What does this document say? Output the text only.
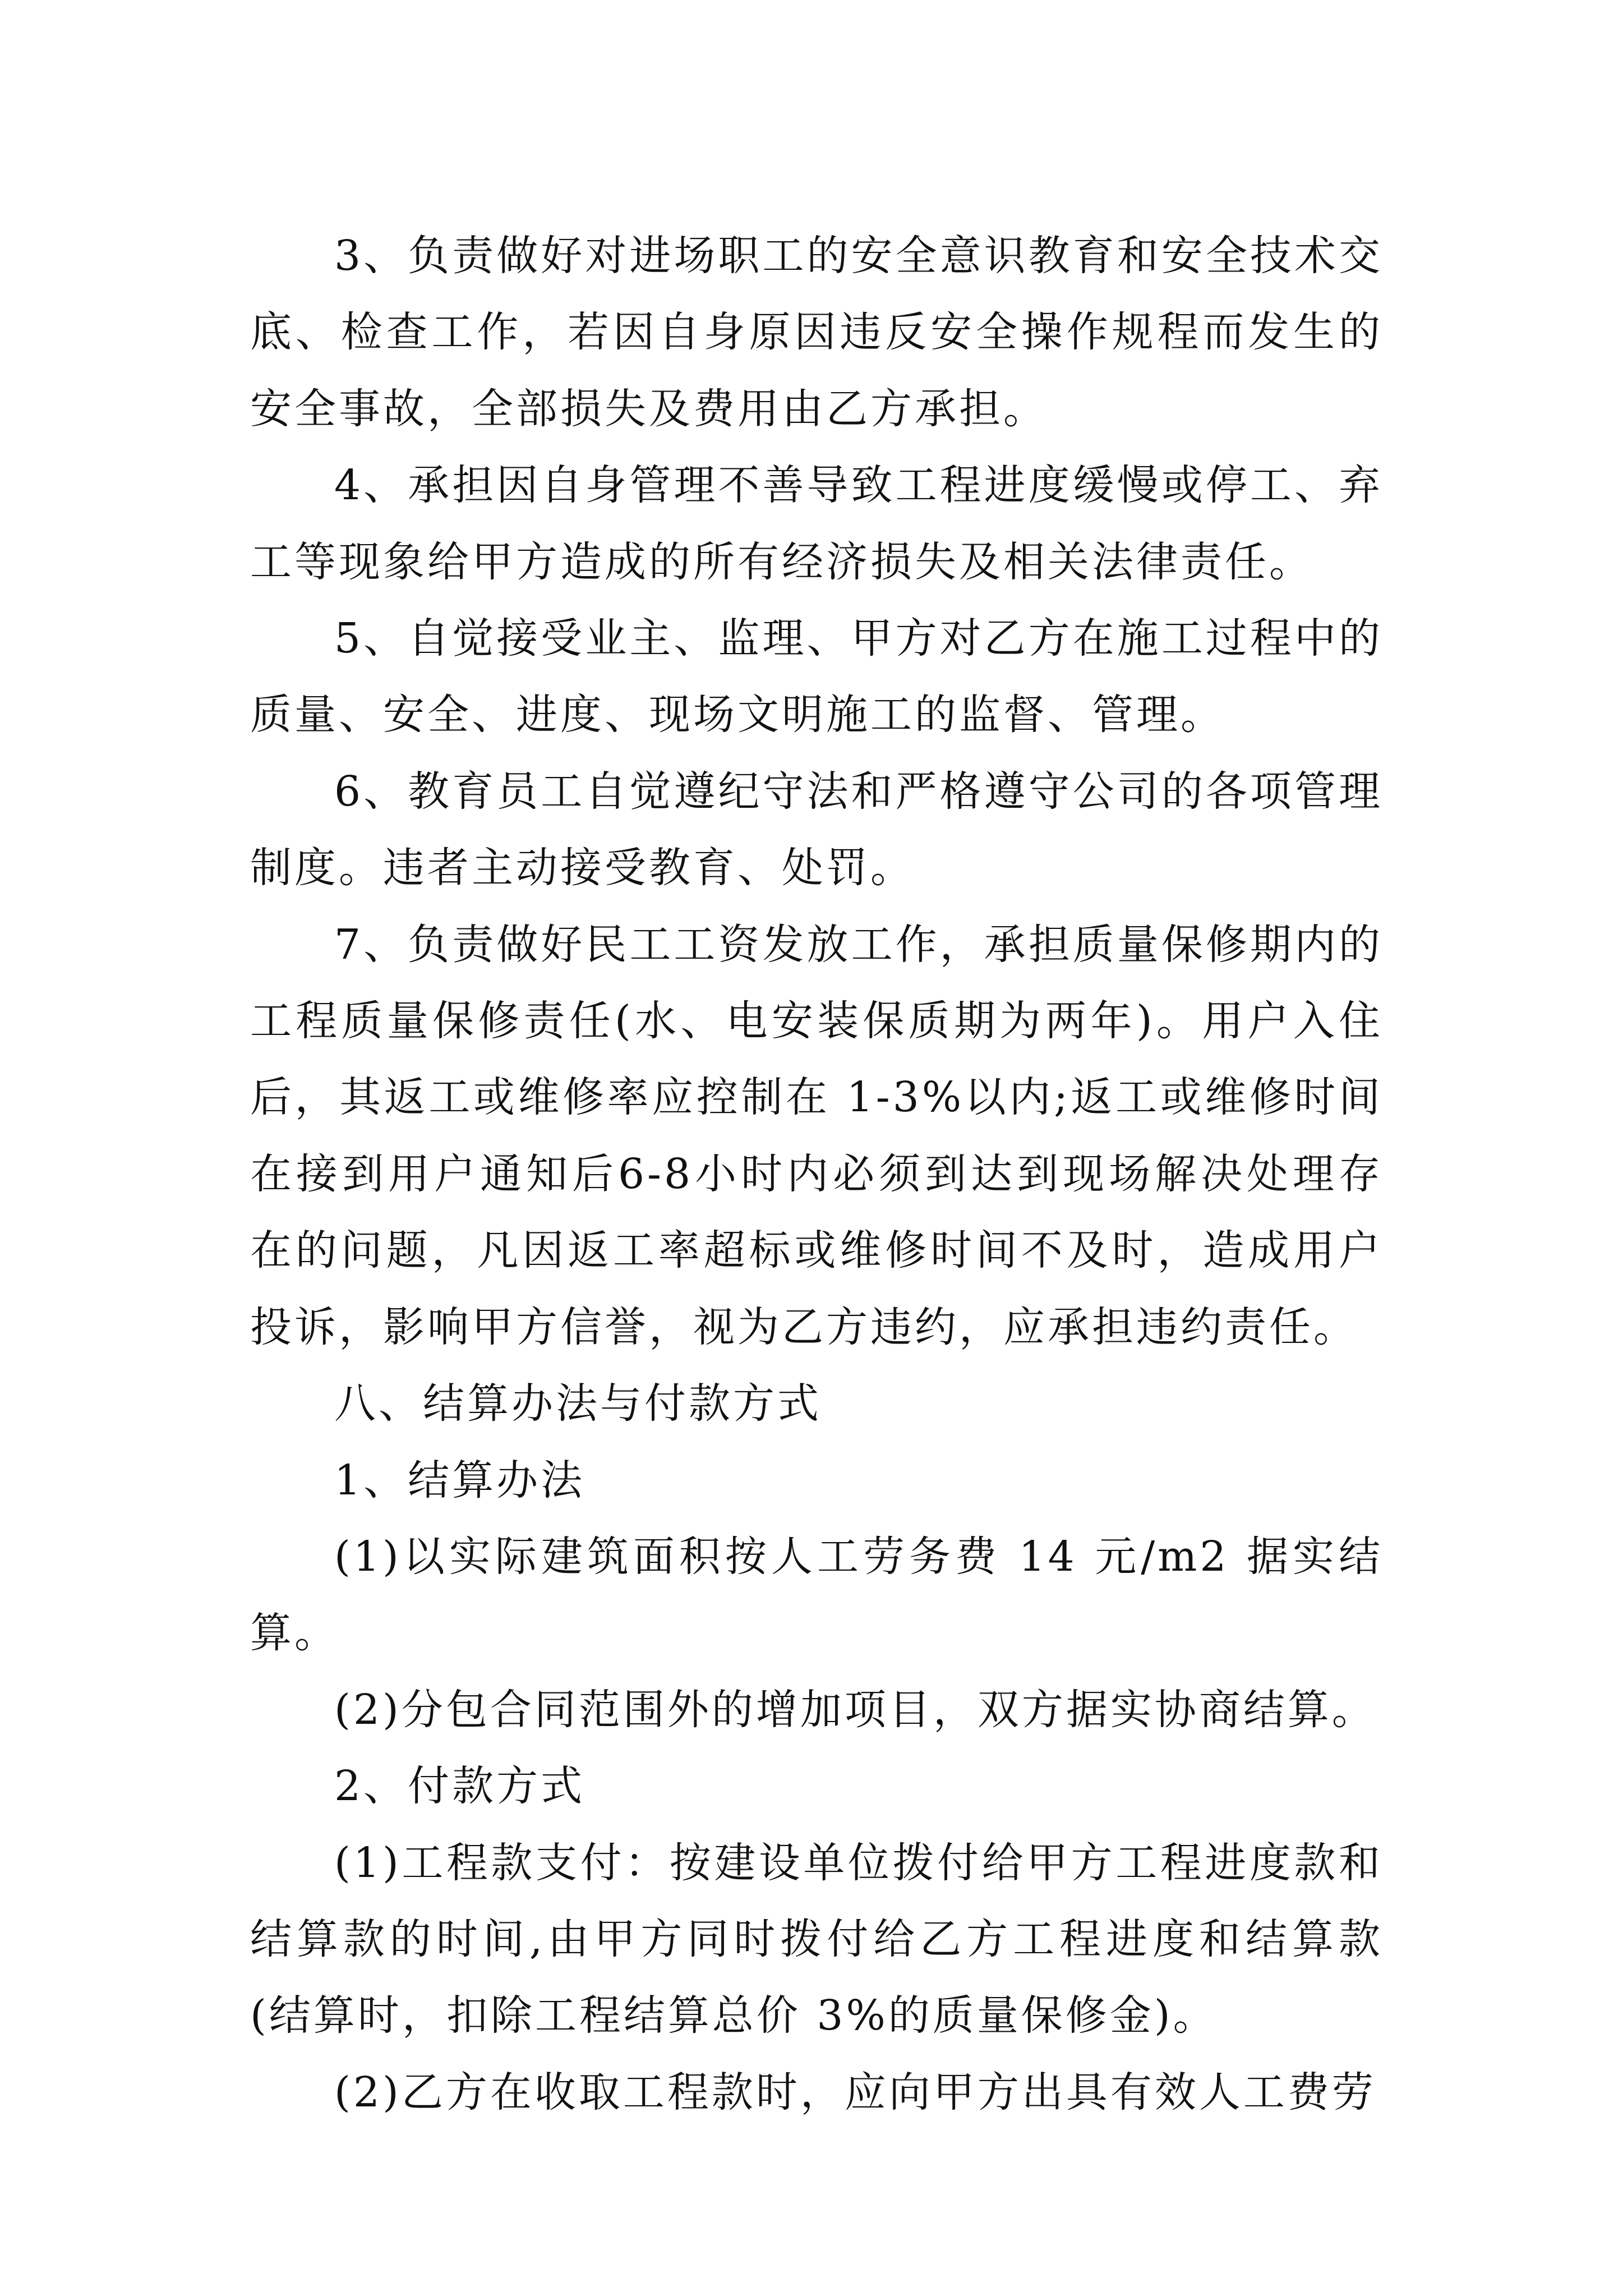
3、负责做好对进场职工的安全意识教育和安全技术交底、检查工作，若因自身原因违反安全操作规程而发生的安全事故，全部损失及费用由乙方承担。

4、承担因自身管理不善导致工程进度缓慢或停工、弃工等现象给甲方造成的所有经济损失及相关法律责任。

5、自觉接受业主、监理、甲方对乙方在施工过程中的质量、安全、进度、现场文明施工的监督、管理。

6、教育员工自觉遵纪守法和严格遵守公司的各项管理制度。违者主动接受教育、处罚。

7、负责做好民工工资发放工作，承担质量保修期内的工程质量保修责任(水、电安装保质期为两年)。用户入住后，其返工或维修率应控制在 1-3%以内;返工或维修时间在接到用户通知后6-8小时内必须到达到现场解决处理存在的问题，凡因返工率超标或维修时间不及时，造成用户投诉，影响甲方信誉，视为乙方违约，应承担违约责任。

八、结算办法与付款方式

1、结算办法

(1)以实际建筑面积按人工劳务费 14 元/m2 据实结算。

(2)分包合同范围外的增加项目，双方据实协商结算。

2、付款方式

(1)工程款支付：按建设单位拨付给甲方工程进度款和结算款的时间,由甲方同时拨付给乙方工程进度和结算款(结算时，扣除工程结算总价 3%的质量保修金)。

(2)乙方在收取工程款时，应向甲方出具有效人工费劳
